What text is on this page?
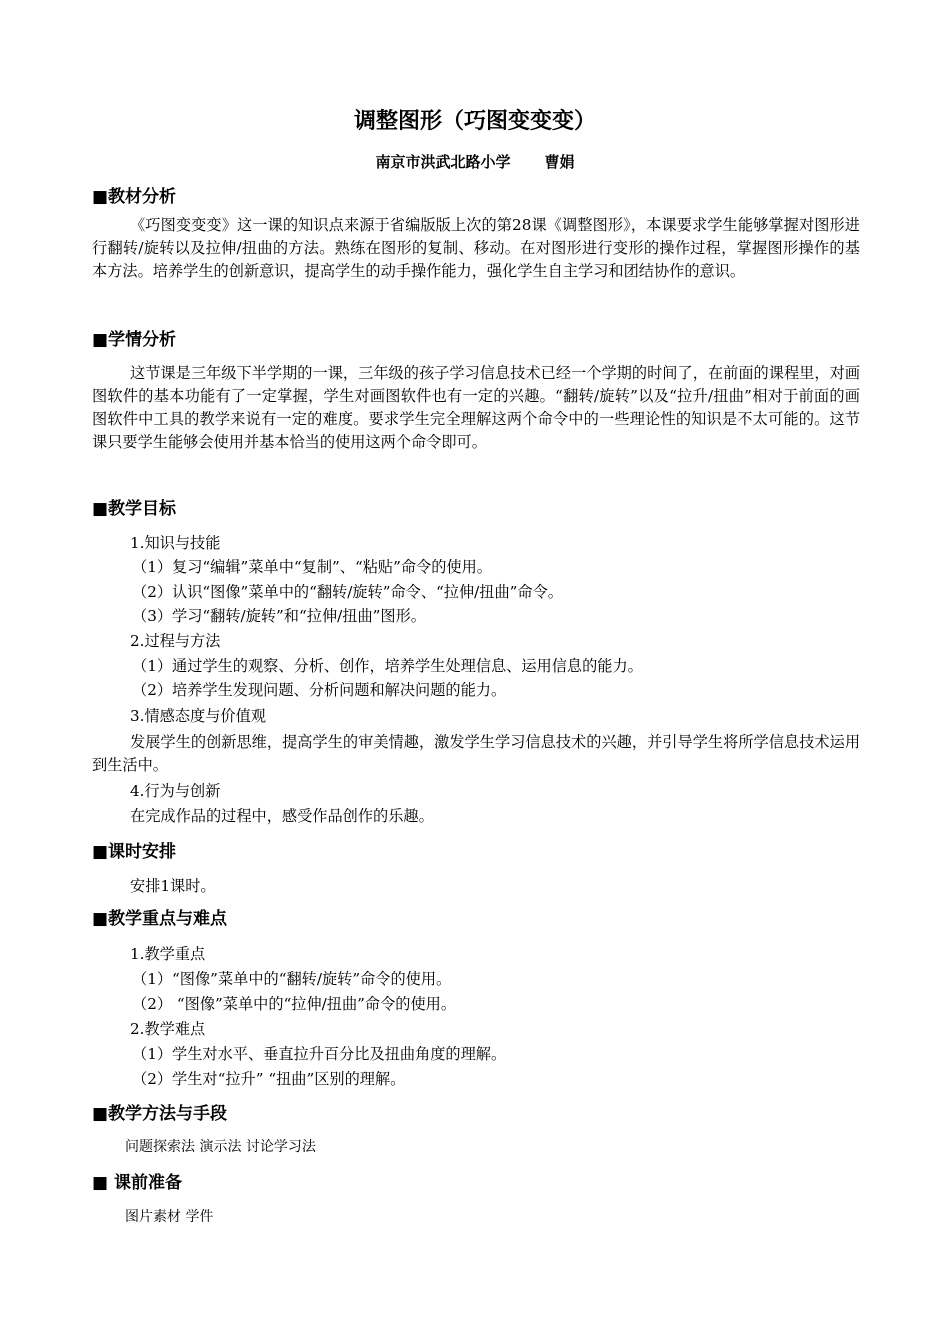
调整图形（巧图变变变）
南京市洪武北路小学 曹娟
■教材分析
《巧图变变变》这一课的知识点来源于省编版版上次的第28课《调整图形》，本课要求学生能够掌握对图形进行翻转/旋转以及拉伸/扭曲的方法。熟练在图形的复制、移动。在对图形进行变形的操作过程，掌握图形操作的基本方法。培养学生的创新意识，提高学生的动手操作能力，强化学生自主学习和团结协作的意识。
■学情分析
这节课是三年级下半学期的一课，三年级的孩子学习信息技术已经一个学期的时间了，在前面的课程里，对画图软件的基本功能有了一定掌握，学生对画图软件也有一定的兴趣。“翻转/旋转”以及“拉升/扭曲”相对于前面的画图软件中工具的教学来说有一定的难度。要求学生完全理解这两个命令中的一些理论性的知识是不太可能的。这节课只要学生能够会使用并基本恰当的使用这两个命令即可。
■教学目标
1.知识与技能
（1）复习“编辑”菜单中“复制”、“粘贴”命令的使用。
（2）认识“图像”菜单中的“翻转/旋转”命令、“拉伸/扭曲”命令。
（3）学习“翻转/旋转”和“拉伸/扭曲”图形。
2.过程与方法
（1）通过学生的观察、分析、创作，培养学生处理信息、运用信息的能力。
（2）培养学生发现问题、分析问题和解决问题的能力。
3.情感态度与价值观
发展学生的创新思维，提高学生的审美情趣，激发学生学习信息技术的兴趣，并引导学生将所学信息技术运用到生活中。
4.行为与创新
在完成作品的过程中，感受作品创作的乐趣。
■课时安排
安排1课时。
■教学重点与难点
1.教学重点
（1）“图像”菜单中的“翻转/旋转”命令的使用。
（2） “图像”菜单中的“拉伸/扭曲”命令的使用。
2.教学难点
（1）学生对水平、垂直拉升百分比及扭曲角度的理解。
（2）学生对“拉升” “扭曲”区别的理解。
■教学方法与手段
问题探索法 演示法 讨论学习法
■ 课前准备
图片素材 学件
